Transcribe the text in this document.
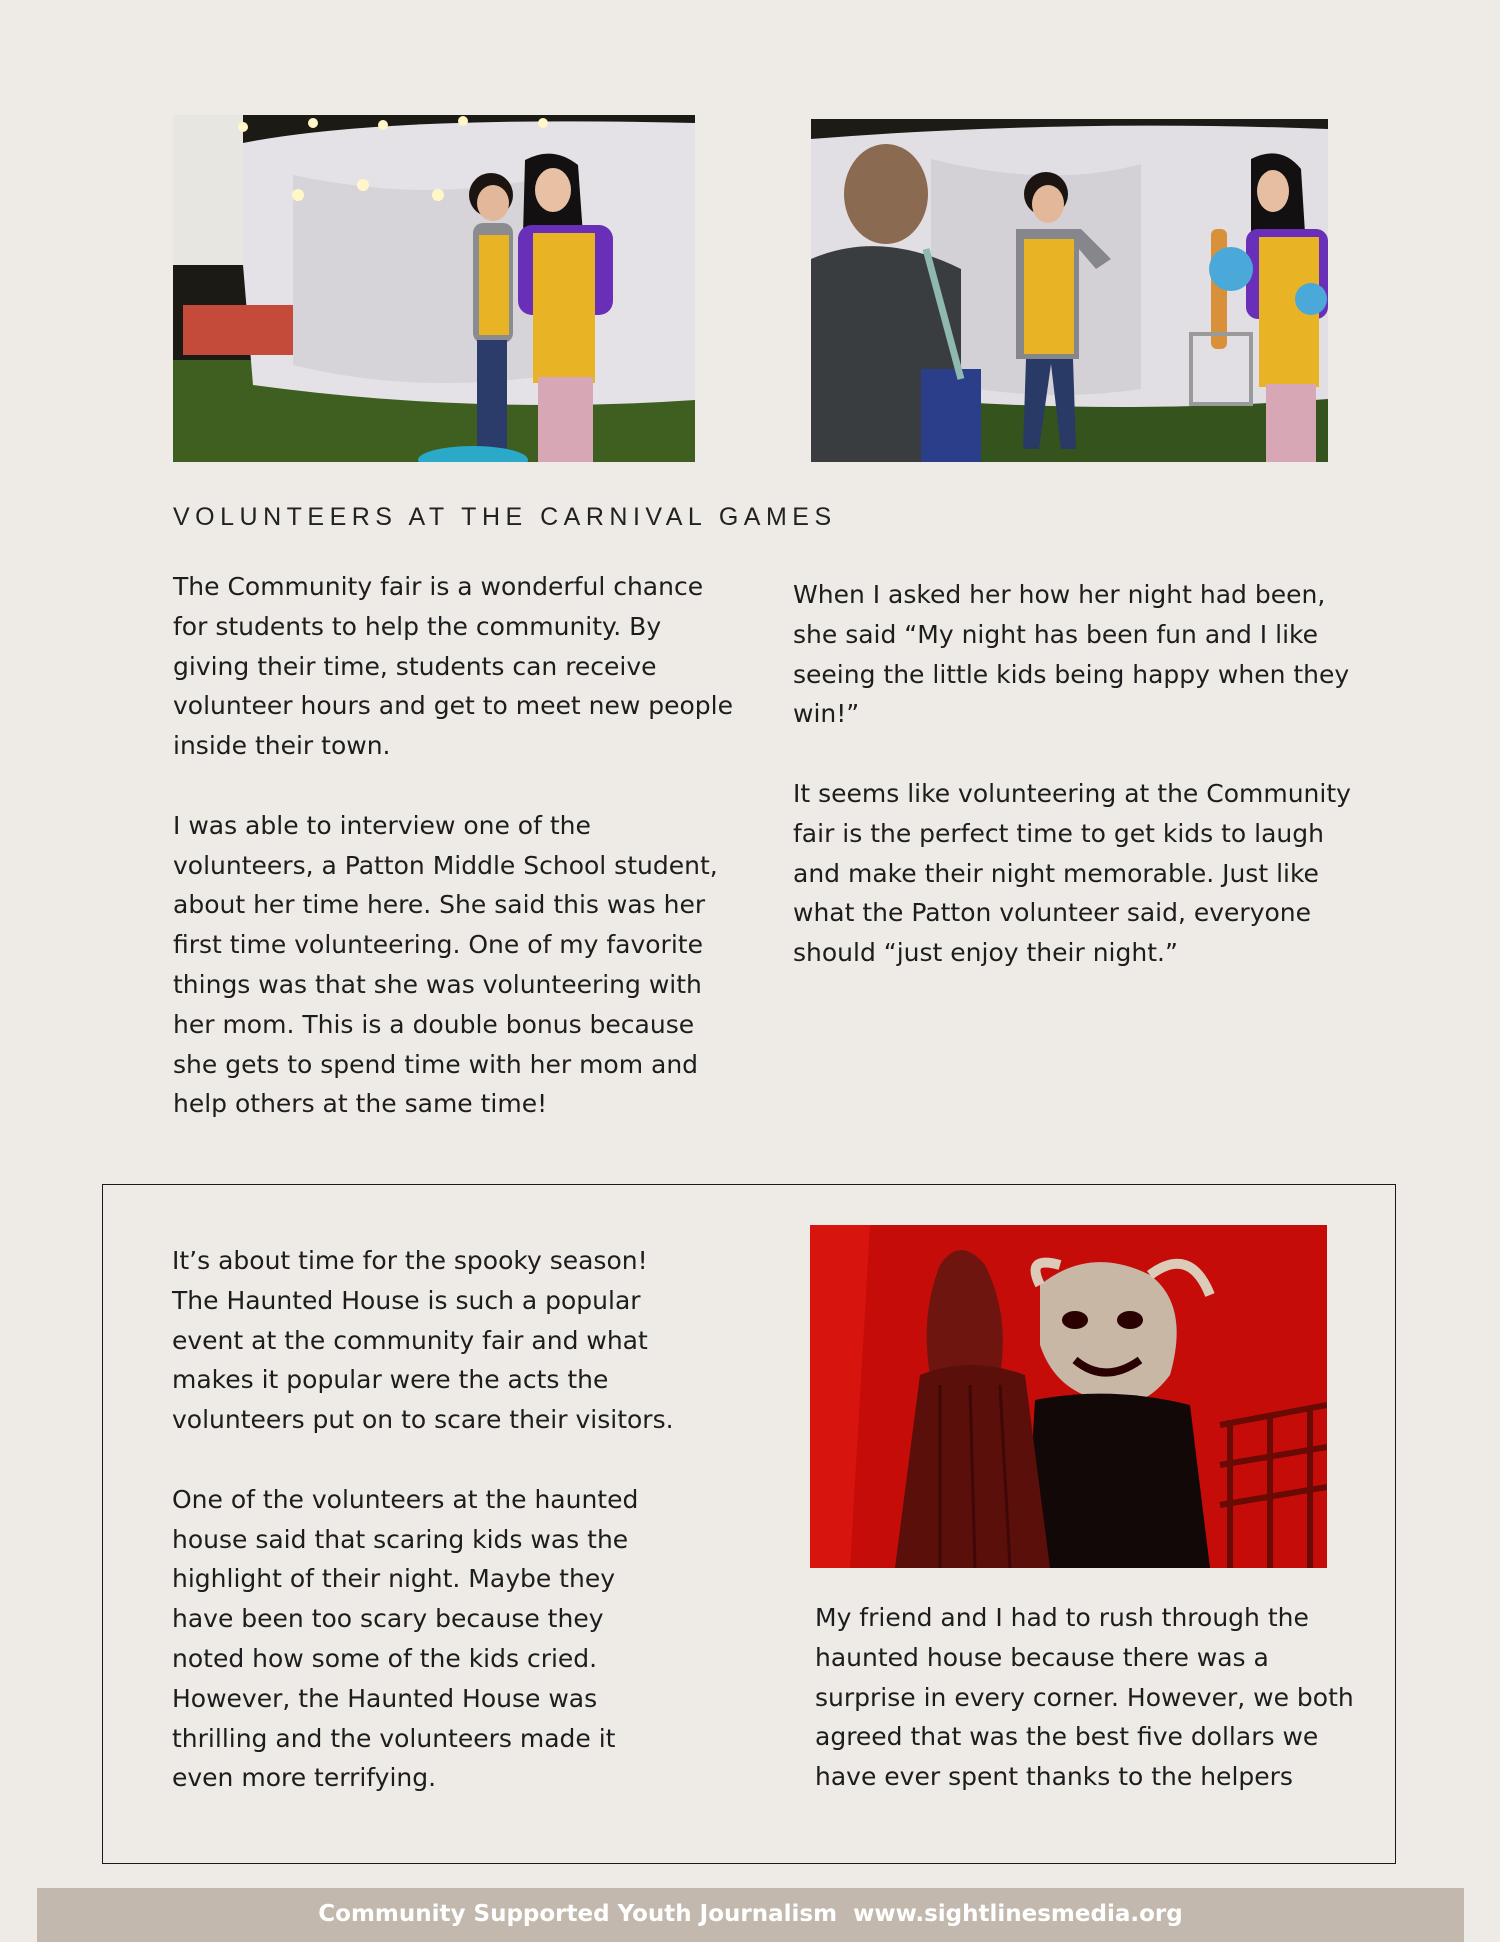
VOLUNTEERS AT THE CARNIVAL GAMES

The Community fair is a wonderful chance for students to help the community. By giving their time, students can receive volunteer hours and get to meet new people inside their town.

I was able to interview one of the volunteers, a Patton Middle School student, about her time here. She said this was her first time volunteering. One of my favorite things was that she was volunteering with her mom. This is a double bonus because she gets to spend time with her mom and help others at the same time!

When I asked her how her night had been, she said “My night has been fun and I like seeing the little kids being happy when they win!”

It seems like volunteering at the Community fair is the perfect time to get kids to laugh and make their night memorable. Just like what the Patton volunteer said, everyone should “just enjoy their night.”

It’s about time for the spooky season! The Haunted House is such a popular event at the community fair and what makes it popular were the acts the volunteers put on to scare their visitors.

One of the volunteers at the haunted house said that scaring kids was the highlight of their night. Maybe they have been too scary because they noted how some of the kids cried. However, the Haunted House was thrilling and the volunteers made it even more terrifying.

My friend and I had to rush through the haunted house because there was a surprise in every corner. However, we both agreed that was the best five dollars we have ever spent thanks to the helpers

Community Supported Youth Journalism  www.sightlinesmedia.org
